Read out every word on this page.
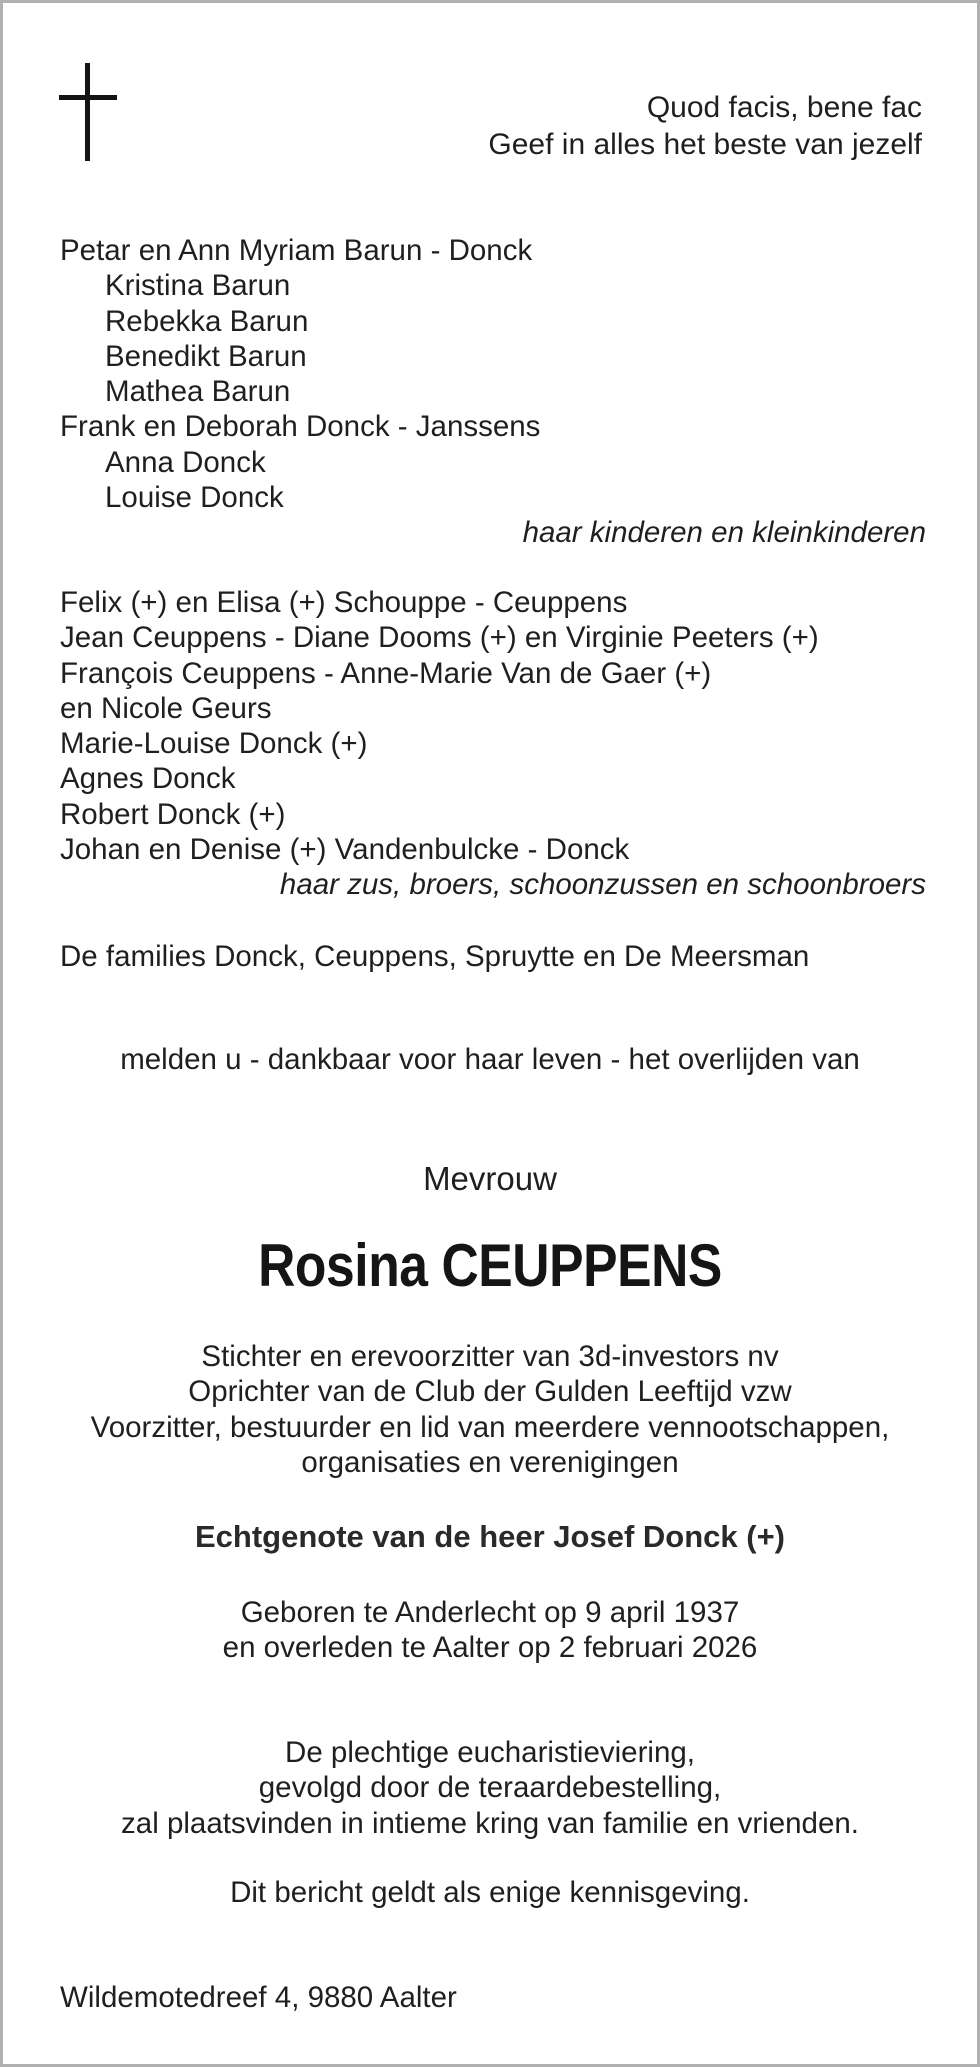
Quod facis, bene fac
Geef in alles het beste van jezelf
Petar en Ann Myriam Barun - Donck
Kristina Barun
Rebekka Barun
Benedikt Barun
Mathea Barun
Frank en Deborah Donck - Janssens
Anna Donck
Louise Donck
haar kinderen en kleinkinderen
Felix (+) en Elisa (+) Schouppe - Ceuppens
Jean Ceuppens - Diane Dooms (+) en Virginie Peeters (+)
François Ceuppens - Anne-Marie Van de Gaer (+)
en Nicole Geurs
Marie-Louise Donck (+)
Agnes Donck
Robert Donck (+)
Johan en Denise (+) Vandenbulcke - Donck
haar zus, broers, schoonzussen en schoonbroers
De families Donck, Ceuppens, Spruytte en De Meersman
melden u - dankbaar voor haar leven - het overlijden van
Mevrouw
Rosina CEUPPENS
Stichter en erevoorzitter van 3d-investors nv
Oprichter van de Club der Gulden Leeftijd vzw
Voorzitter, bestuurder en lid van meerdere vennootschappen,
organisaties en verenigingen
Echtgenote van de heer Josef Donck (+)
Geboren te Anderlecht op 9 april 1937
en overleden te Aalter op 2 februari 2026
De plechtige eucharistieviering,
gevolgd door de teraardebestelling,
zal plaatsvinden in intieme kring van familie en vrienden.
Dit bericht geldt als enige kennisgeving.
Wildemotedreef 4, 9880 Aalter
